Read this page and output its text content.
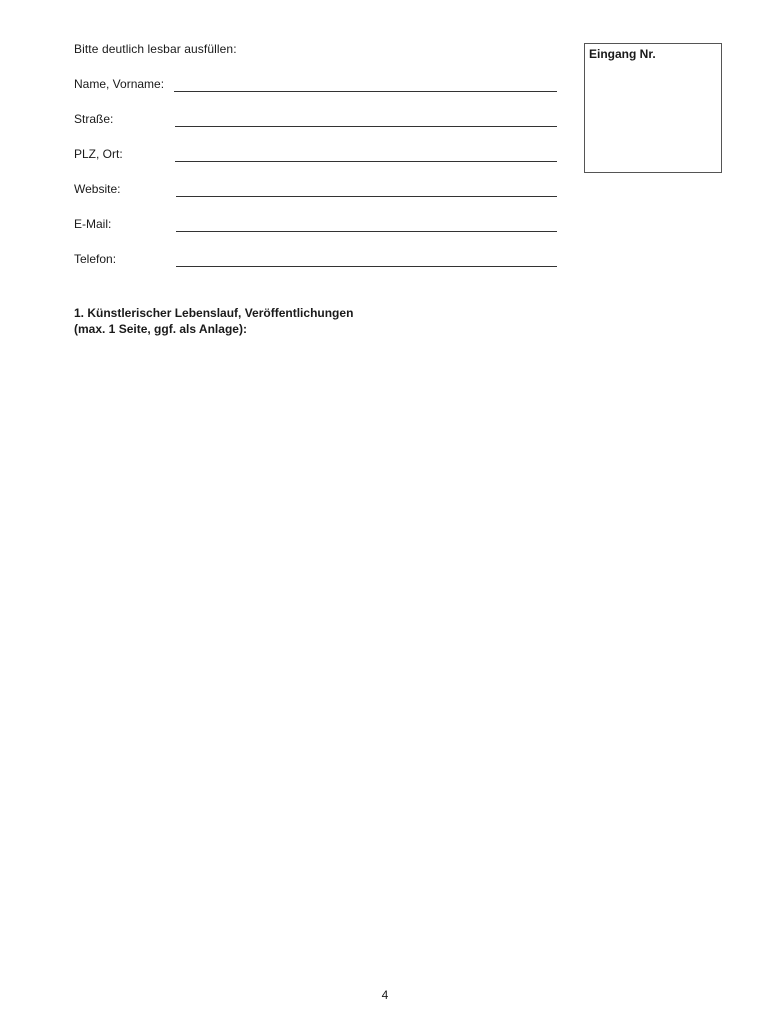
Bitte deutlich lesbar ausfüllen:
Name, Vorname:
Straße:
PLZ, Ort:
Website:
E-Mail:
Telefon:
Eingang Nr.
1. Künstlerischer Lebenslauf, Veröffentlichungen
(max. 1 Seite, ggf. als Anlage):
4
